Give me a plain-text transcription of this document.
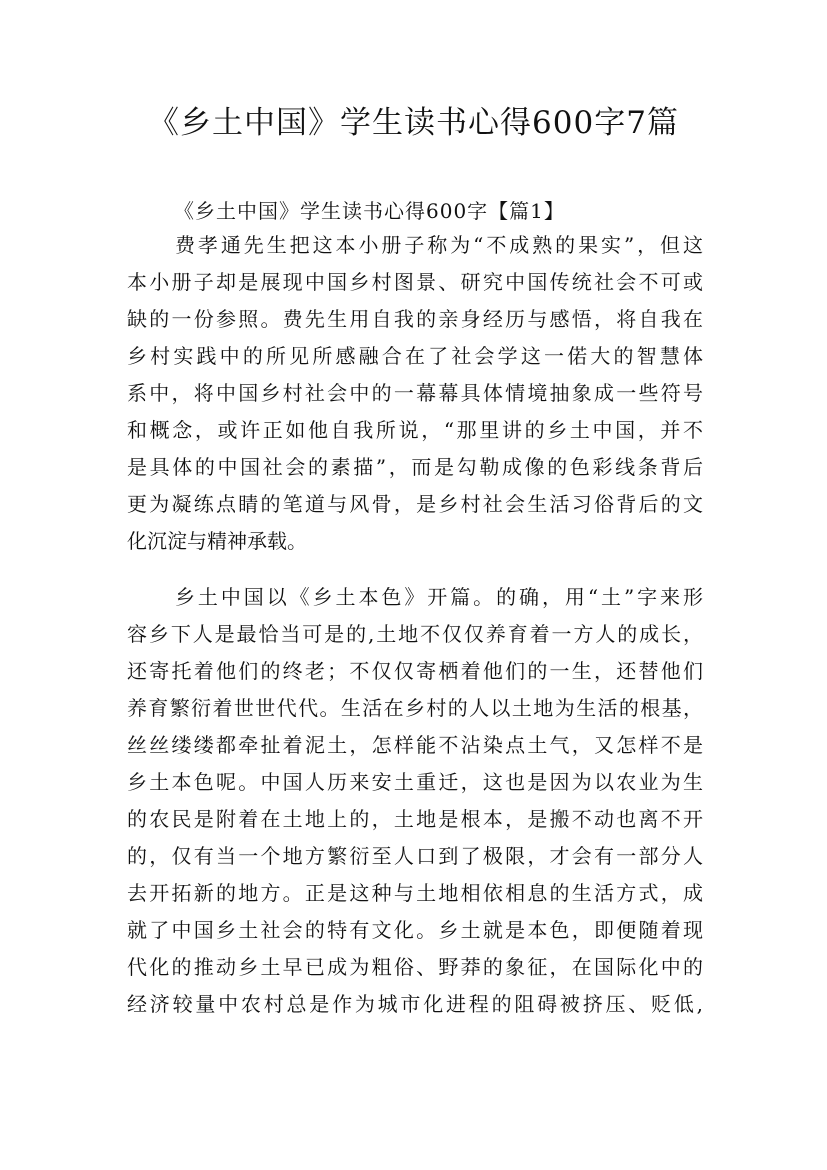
《乡土中国》学生读书心得600字7篇
《乡土中国》学生读书心得600字【篇1】
费孝通先生把这本小册子称为“不成熟的果实”，但这
本小册子却是展现中国乡村图景、研究中国传统社会不可或
缺的一份参照。费先生用自我的亲身经历与感悟，将自我在
乡村实践中的所见所感融合在了社会学这一偌大的智慧体
系中，将中国乡村社会中的一幕幕具体情境抽象成一些符号
和概念，或许正如他自我所说，“那里讲的乡土中国，并不
是具体的中国社会的素描”，而是勾勒成像的色彩线条背后
更为凝练点睛的笔道与风骨，是乡村社会生活习俗背后的文
化沉淀与精神承载。
乡土中国以《乡土本色》开篇。的确，用“土”字来形
容乡下人是最恰当可是的,土地不仅仅养育着一方人的成长，
还寄托着他们的终老；不仅仅寄栖着他们的一生，还替他们
养育繁衍着世世代代。生活在乡村的人以土地为生活的根基，
丝丝缕缕都牵扯着泥土，怎样能不沾染点土气，又怎样不是
乡土本色呢。中国人历来安土重迁，这也是因为以农业为生
的农民是附着在土地上的，土地是根本，是搬不动也离不开
的，仅有当一个地方繁衍至人口到了极限，才会有一部分人
去开拓新的地方。正是这种与土地相依相息的生活方式，成
就了中国乡土社会的特有文化。乡土就是本色，即便随着现
代化的推动乡土早已成为粗俗、野莽的象征，在国际化中的
经济较量中农村总是作为城市化进程的阻碍被挤压、贬低,
